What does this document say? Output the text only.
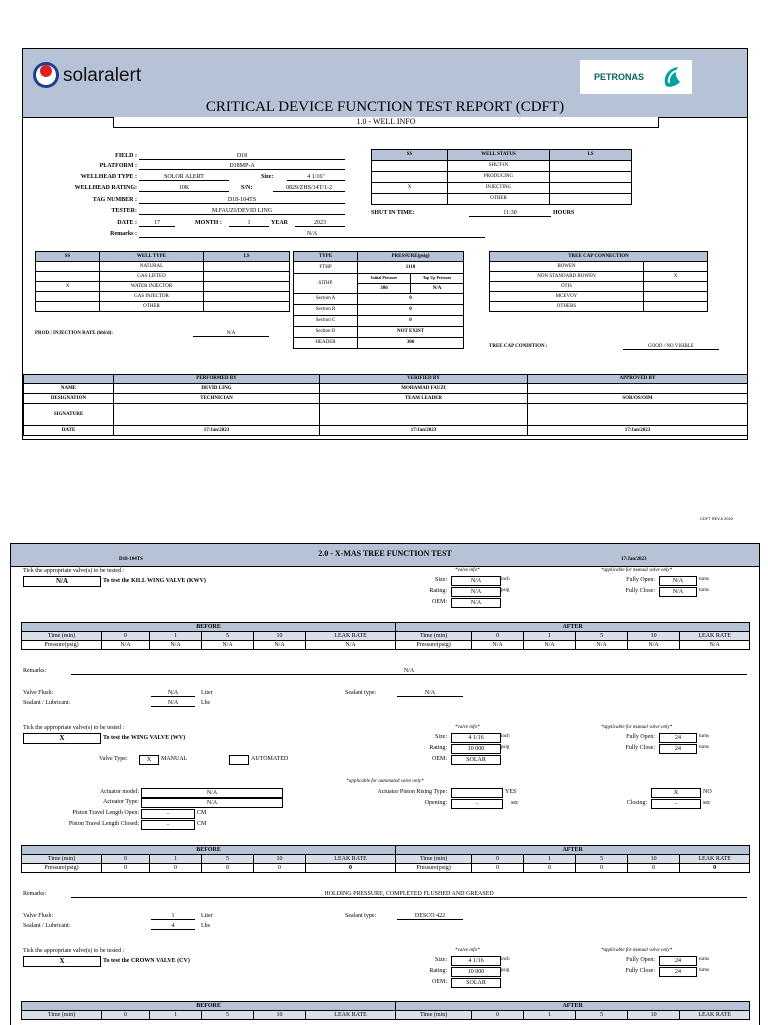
solaralert	PETRONAS
CRITICAL DEVICE FUNCTION TEST REPORT (CDFT)
1.0 - WELL INFO
FIELD :	D18
PLATFORM :	D18MP-A
WELLHEAD TYPE :	SOLOR ALERT	Size:	4 1/16"
WELLHEAD RATING:	10K	S/N:	0829/ZHS/14T/1-2
TAG NUMBER :	D18-104TS
TESTER:	M.FAUZI/DEVID LING
DATE :	17	MONTH :	1	YEAR	2023
Remarks :	N/A
SS	WELL STATUS	LS
	SHUT-IN	
	PRODUCING	
X	INJECTING	
	OTHER	
SHUT IN TIME:	11:30	HOURS
SS	WELL TYPE	LS
	NATURAL	
	GAS LIFTED	
X	WATER INJECTOR	
	GAS INJECTOR	
	OTHER	
PROD / INJECTION RATE (bbl/d):	N/A
TYPE	PRESSURE(psig)	
FTHP	1110	
SITHP	Initial Pressure	Top Up Pressure
	306	N/A
Section A	0	
Section B	0	
Section C	0	
Section D	NOT EXIST	
HEADER	306	
TREE CAP CONNECTION	
BOWEN	
NON STANDARD BOWEN	X
OTIS	
MCEVOY	
OTHERS	
TREE CAP CONDITION :	GOOD / NO VISIBLE
	PERFORMED BY	VERIFIED BY	APPROVED BY
NAME	DEVID LING	MOHAMAD FAUZI	
DESIGNATION	TECHNICIAN	TEAM LEADER	SOR/OS/OIM
SIGNATURE			
DATE	17/Jan/2023	17/Jan/2023	17/Jan/2023
CDFT REV.6 2020
D18-104TS
2.0 - X-MAS TREE FUNCTION TEST
17/Jan/2023
Tick the appropriate valve(s) to be tested :
N/A	To test the KILL WING VALVE (KWV)
*valve info*
Size:	N/A	inch
Rating:	N/A	psig
OEM:	N/A
*applicable for manual valve only*
Fully Open:	N/A	turns
Fully Close:	N/A	turns
BEFORE						AFTER					
Time (min)	0	1	5	10	LEAK RATE	Time (min)	0	1	5	10	LEAK RATE
Pressure(psig)	N/A	N/A	N/A	N/A	N/A	Pressure(psig)	N/A	N/A	N/A	N/A	N/A
Remarks:	N/A
Valve Flush:	N/A	Liter
Sealant / Lubricant:	N/A	Lbs
Sealant type:	N/A
Tick the appropriate valve(s) to be tested :
X	To test the WING VALVE (WV)
*valve info*
Size:	4 1/16	inch
Rating:	10 000	psig
OEM:	SOLAR
*applicable for manual valve only*
Fully Open:	24	turns
Fully Close:	24	turns
Valve Type:	X	MANUAL	AUTOMATED
*applicable for automated valve only*
Actuator model:	N/A
Actuator Type:	N/A
Piston Travel Length Open:	-	CM
Piston Travel Length Closed:	-	CM
Actuator Piston Rising Type:	YES	X	NO
Opening:	-	sec	Closing:	-	sec
BEFORE						AFTER					
Time (min)	0	1	5	10	LEAK RATE	Time (min)	0	1	5	10	LEAK RATE
Pressure(psig)	0	0	0	0	0	Pressure(psig)	0	0	0	0	0
Remarks:	HOLDING PRESSURE, COMPLETED FLUSHED AND GREASED
Valve Flush:	1	Liter
Sealant / Lubricant:	4	Lbs
Sealant type:	DESCO 422
Tick the appropriate valve(s) to be tested :
X	To test the CROWN VALVE (CV)
*valve info*
Size:	4 1/16	inch
Rating:	10 000	psig
OEM:	SOLAR
*applicable for manual valve only*
Fully Open:	24	turns
Fully Close:	24	turns
BEFORE						AFTER					
Time (min)	0	1	5	10	LEAK RATE	Time (min)	0	1	5	10	LEAK RATE
